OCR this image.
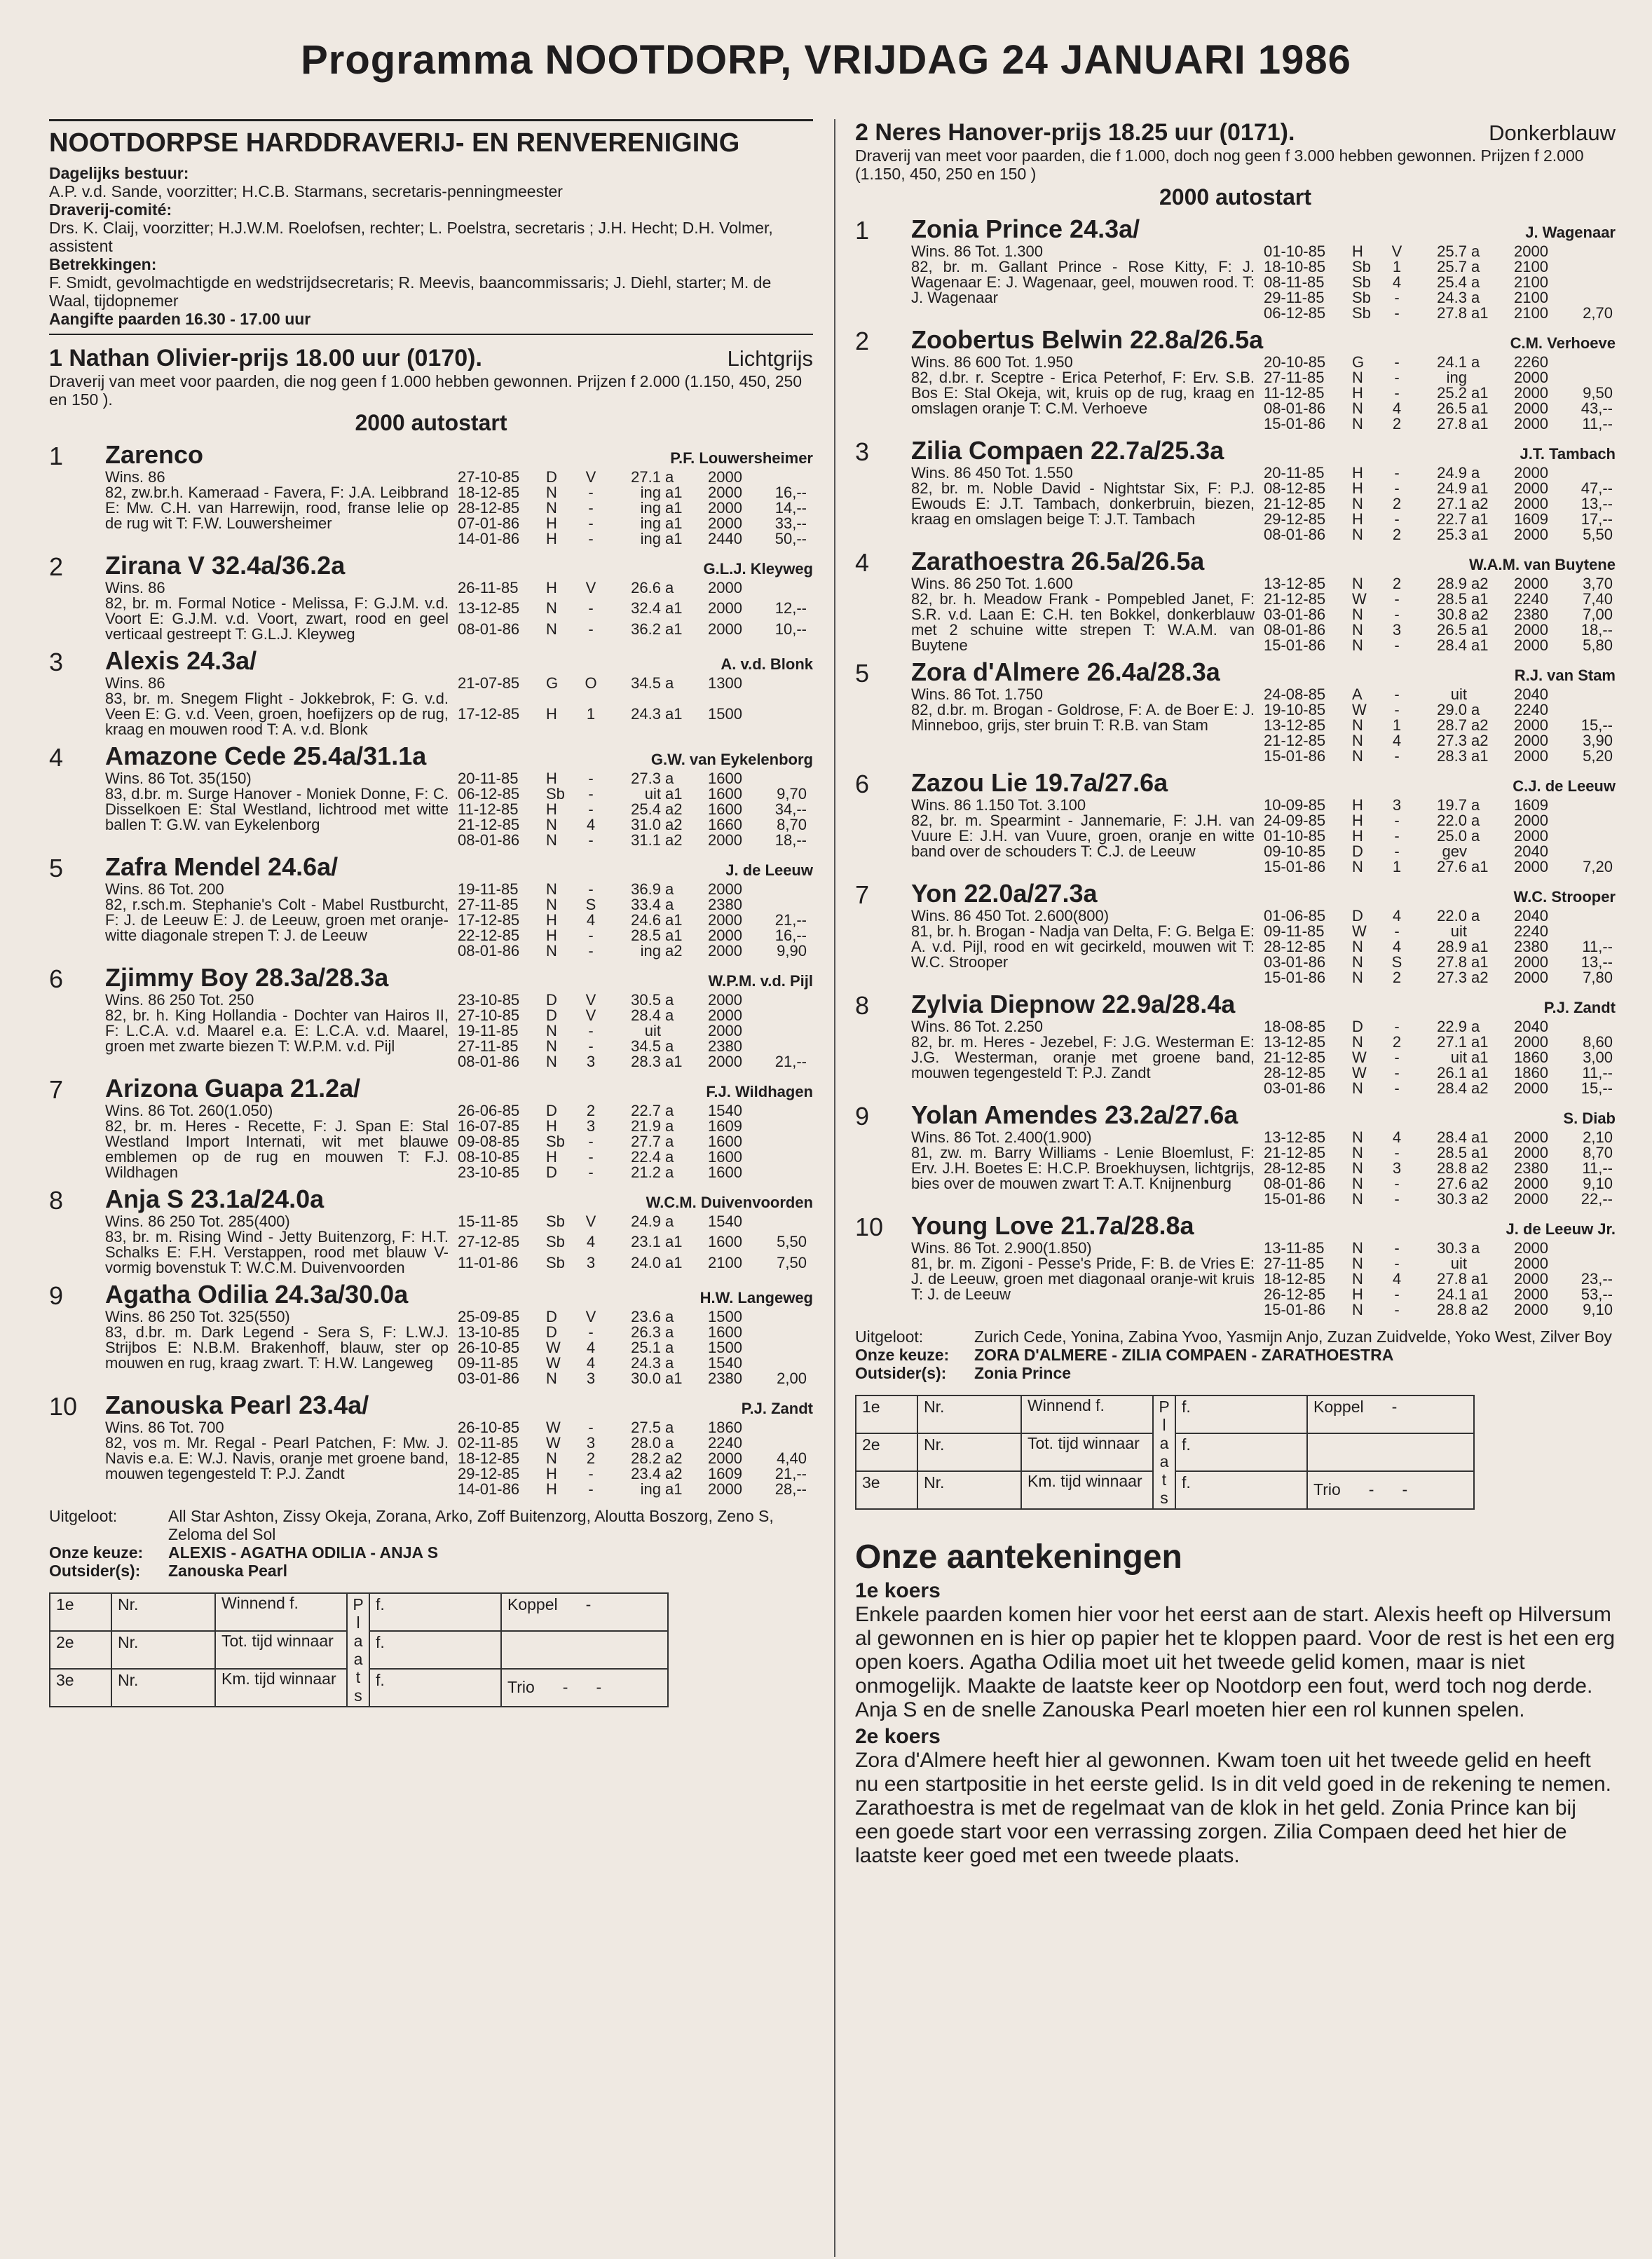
Programma NOOTDORP, VRIJDAG 24 JANUARI 1986
NOOTDORPSE HARDDRAVERIJ- EN RENVERENIGING
Dagelijks bestuur:
A.P. v.d. Sande, voorzitter; H.C.B. Starmans, secretaris-penningmeester
Draverij-comité:
Drs. K. Claij, voorzitter; H.J.W.M. Roelofsen, rechter; L. Poelstra, secretaris ; J.H. Hecht; D.H. Volmer, assistent
Betrekkingen:
F. Smidt, gevolmachtigde en wedstrijdsecretaris; R. Meevis, baancommissaris; J. Diehl, starter; M. de Waal, tijdopnemer
Aangifte paarden 16.30 - 17.00 uur
1 Nathan Olivier-prijs 18.00 uur (0170).	Lichtgrijs
Draverij van meet voor paarden, die nog geen f 1.000 hebben gewonnen. Prijzen f 2.000 (1.150, 450, 250 en 150 ).
2000 autostart
1	Zarenco	P.F. Louwersheimer
Wins. 86
82, zw.br.h. Kameraad - Favera, F: J.A. Leibbrand E: Mw. C.H. van Harrewijn, rood, franse lelie op de rug wit T: F.W. Louwersheimer
27-10-85	D	V	27.1	a	2000	
18-12-85	N	-	ing	a1	2000	16,--
28-12-85	N	-	ing	a1	2000	14,--
07-01-86	H	-	ing	a1	2000	33,--
14-01-86	H	-	ing	a1	2440	50,--
2	Zirana V 32.4a/36.2a	G.L.J. Kleyweg
Wins. 86
82, br. m. Formal Notice - Melissa, F: G.J.M. v.d. Voort E: G.J.M. v.d. Voort, zwart, rood en geel verticaal gestreept T: G.L.J. Kleyweg
26-11-85	H	V	26.6	a	2000	
13-12-85	N	-	32.4	a1	2000	12,--
08-01-86	N	-	36.2	a1	2000	10,--
3	Alexis 24.3a/	A. v.d. Blonk
Wins. 86
83, br. m. Snegem Flight - Jokkebrok, F: G. v.d. Veen E: G. v.d. Veen, groen, hoefijzers op de rug, kraag en mouwen rood T: A. v.d. Blonk
21-07-85	G	O	34.5	a	1300	
17-12-85	H	1	24.3	a1	1500	
4	Amazone Cede 25.4a/31.1a	G.W. van Eykelenborg
Wins. 86 Tot. 35(150)
83, d.br. m. Surge Hanover - Moniek Donne, F: C. Disselkoen E: Stal Westland, lichtrood met witte ballen T: G.W. van Eykelenborg
20-11-85	H	-	27.3	a	1600	
06-12-85	Sb	-	uit	a1	1600	9,70
11-12-85	H	-	25.4	a2	1600	34,--
21-12-85	N	4	31.0	a2	1660	8,70
08-01-86	N	-	31.1	a2	2000	18,--
5	Zafra Mendel 24.6a/	J. de Leeuw
Wins. 86 Tot. 200
82, r.sch.m. Stephanie's Colt - Mabel Rustburcht, F: J. de Leeuw E: J. de Leeuw, groen met oranje-witte diagonale strepen T: J. de Leeuw
19-11-85	N	-	36.9	a	2000	
27-11-85	N	S	33.4	a	2380	
17-12-85	H	4	24.6	a1	2000	21,--
22-12-85	H	-	28.5	a1	2000	16,--
08-01-86	N	-	ing	a2	2000	9,90
6	Zjimmy Boy 28.3a/28.3a	W.P.M. v.d. Pijl
Wins. 86 250 Tot. 250
82, br. h. King Hollandia - Dochter van Hairos II, F: L.C.A. v.d. Maarel e.a. E: L.C.A. v.d. Maarel, groen met zwarte biezen T: W.P.M. v.d. Pijl
23-10-85	D	V	30.5	a	2000	
27-10-85	D	V	28.4	a	2000	
19-11-85	N	-	uit		2000	
27-11-85	N	-	34.5	a	2380	
08-01-86	N	3	28.3	a1	2000	21,--
7	Arizona Guapa 21.2a/	F.J. Wildhagen
Wins. 86 Tot. 260(1.050)
82, br. m. Heres - Recette, F: J. Span E: Stal Westland Import Internati, wit met blauwe emblemen op de rug en mouwen T: F.J. Wildhagen
26-06-85	D	2	22.7	a	1540	
16-07-85	H	3	21.9	a	1609	
09-08-85	Sb	-	27.7	a	1600	
08-10-85	H	-	22.4	a	1600	
23-10-85	D	-	21.2	a	1600	
8	Anja S 23.1a/24.0a	W.C.M. Duivenvoorden
Wins. 86 250 Tot. 285(400)
83, br. m. Rising Wind - Jetty Buitenzorg, F: H.T. Schalks E: F.H. Verstappen, rood met blauw V-vormig bovenstuk T: W.C.M. Duivenvoorden
15-11-85	Sb	V	24.9	a	1540	
27-12-85	Sb	4	23.1	a1	1600	5,50
11-01-86	Sb	3	24.0	a1	2100	7,50
9	Agatha Odilia 24.3a/30.0a	H.W. Langeweg
Wins. 86 250 Tot. 325(550)
83, d.br. m. Dark Legend - Sera S, F: L.W.J. Strijbos E: N.B.M. Brakenhoff, blauw, ster op mouwen en rug, kraag zwart. T: H.W. Langeweg
25-09-85	D	V	23.6	a	1500	
13-10-85	D	-	26.3	a	1600	
26-10-85	W	4	25.1	a	1500	
09-11-85	W	4	24.3	a	1540	
03-01-86	N	3	30.0	a1	2380	2,00
10	Zanouska Pearl 23.4a/	P.J. Zandt
Wins. 86 Tot. 700
82, vos m. Mr. Regal - Pearl Patchen, F: Mw. J. Navis e.a. E: W.J. Navis, oranje met groene band, mouwen tegengesteld T: P.J. Zandt
26-10-85	W	-	27.5	a	1860	
02-11-85	W	3	28.0	a	2240	
18-12-85	N	2	28.2	a2	2000	4,40
29-12-85	H	-	23.4	a2	1609	21,--
14-01-86	H	-	ing	a1	2000	28,--
Uitgeloot:	All Star Ashton, Zissy Okeja, Zorana, Arko, Zoff Buitenzorg, Aloutta Boszorg, Zeno S, Zeloma del Sol
Onze keuze:	ALEXIS - AGATHA ODILIA - ANJA S
Outsider(s):	Zanouska Pearl
1e	Nr.	Winnend f.	P l a a t s	f.	Koppel -
2e	Nr.	Tot. tijd winnaar		f.	

3e	Nr.	Km. tijd winnaar		f.	Trio - -
2 Neres Hanover-prijs 18.25 uur (0171).	Donkerblauw
Draverij van meet voor paarden, die f 1.000, doch nog geen f 3.000 hebben gewonnen. Prijzen f 2.000 (1.150, 450, 250 en 150 )
2000 autostart
1	Zonia Prince 24.3a/	J. Wagenaar
Wins. 86 Tot. 1.300
82, br. m. Gallant Prince - Rose Kitty, F: J. Wagenaar E: J. Wagenaar, geel, mouwen rood. T: J. Wagenaar
01-10-85	H	V	25.7	a	2000	
18-10-85	Sb	1	25.7	a	2100	
08-11-85	Sb	4	25.4	a	2100	
29-11-85	Sb	-	24.3	a	2100	
06-12-85	Sb	-	27.8	a1	2100	2,70
2	Zoobertus Belwin 22.8a/26.5a	C.M. Verhoeve
Wins. 86 600 Tot. 1.950
82, d.br. r. Sceptre - Erica Peterhof, F: Erv. S.B. Bos E: Stal Okeja, wit, kruis op de rug, kraag en omslagen oranje T: C.M. Verhoeve
20-10-85	G	-	24.1	a	2260	
27-11-85	N	-	ing		2000	
11-12-85	H	-	25.2	a1	2000	9,50
08-01-86	N	4	26.5	a1	2000	43,--
15-01-86	N	2	27.8	a1	2000	11,--
3	Zilia Compaen 22.7a/25.3a	J.T. Tambach
Wins. 86 450 Tot. 1.550
82, br. m. Noble David - Nightstar Six, F: P.J. Ewouds E: J.T. Tambach, donkerbruin, biezen, kraag en omslagen beige T: J.T. Tambach
20-11-85	H	-	24.9	a	2000	
08-12-85	H	-	24.9	a1	2000	47,--
21-12-85	N	2	27.1	a2	2000	13,--
29-12-85	H	-	22.7	a1	1609	17,--
08-01-86	N	2	25.3	a1	2000	5,50
4	Zarathoestra 26.5a/26.5a	W.A.M. van Buytene
Wins. 86 250 Tot. 1.600
82, br. h. Meadow Frank - Pompebled Janet, F: S.R. v.d. Laan E: C.H. ten Bokkel, donkerblauw met 2 schuine witte strepen T: W.A.M. van Buytene
13-12-85	N	2	28.9	a2	2000	3,70
21-12-85	W	-	28.5	a1	2240	7,40
03-01-86	N	-	30.8	a2	2380	7,00
08-01-86	N	3	26.5	a1	2000	18,--
15-01-86	N	-	28.4	a1	2000	5,80
5	Zora d'Almere 26.4a/28.3a	R.J. van Stam
Wins. 86 Tot. 1.750
82, d.br. m. Brogan - Goldrose, F: A. de Boer E: J. Minneboo, grijs, ster bruin T: R.B. van Stam
24-08-85	A	-	uit		2040	
19-10-85	W	-	29.0	a	2240	
13-12-85	N	1	28.7	a2	2000	15,--
21-12-85	N	4	27.3	a2	2000	3,90
15-01-86	N	-	28.3	a1	2000	5,20
6	Zazou Lie 19.7a/27.6a	C.J. de Leeuw
Wins. 86 1.150 Tot. 3.100
82, br. m. Spearmint - Jannemarie, F: J.H. van Vuure E: J.H. van Vuure, groen, oranje en witte band over de schouders T: C.J. de Leeuw
10-09-85	H	3	19.7	a	1609	
24-09-85	H	-	22.0	a	2000	
01-10-85	H	-	25.0	a	2000	
09-10-85	D	-	gev		2040	
15-01-86	N	1	27.6	a1	2000	7,20
7	Yon 22.0a/27.3a	W.C. Strooper
Wins. 86 450 Tot. 2.600(800)
81, br. h. Brogan - Nadja van Delta, F: G. Belga E: A. v.d. Pijl, rood en wit gecirkeld, mouwen wit T: W.C. Strooper
01-06-85	D	4	22.0	a	2040	
09-11-85	W	-	uit		2240	
28-12-85	N	4	28.9	a1	2380	11,--
03-01-86	N	S	27.8	a1	2000	13,--
15-01-86	N	2	27.3	a2	2000	7,80
8	Zylvia Diepnow 22.9a/28.4a	P.J. Zandt
Wins. 86 Tot. 2.250
82, br. m. Heres - Jezebel, F: J.G. Westerman E: J.G. Westerman, oranje met groene band, mouwen tegengesteld T: P.J. Zandt
18-08-85	D	-	22.9	a	2040	
13-12-85	N	2	27.1	a1	2000	8,60
21-12-85	W	-	uit	a1	1860	3,00
28-12-85	W	-	26.1	a1	1860	11,--
03-01-86	N	-	28.4	a2	2000	15,--
9	Yolan Amendes 23.2a/27.6a	S. Diab
Wins. 86 Tot. 2.400(1.900)
81, zw. m. Barry Williams - Lenie Bloemlust, F: Erv. J.H. Boetes E: H.C.P. Broekhuysen, lichtgrijs, bies over de mouwen zwart T: A.T. Knijnenburg
13-12-85	N	4	28.4	a1	2000	2,10
21-12-85	N	-	28.5	a1	2000	8,70
28-12-85	N	3	28.8	a2	2380	11,--
08-01-86	N	-	27.6	a2	2000	9,10
15-01-86	N	-	30.3	a2	2000	22,--
10	Young Love 21.7a/28.8a	J. de Leeuw Jr.
Wins. 86 Tot. 2.900(1.850)
81, br. m. Zigoni - Pesse's Pride, F: B. de Vries E: J. de Leeuw, groen met diagonaal oranje-wit kruis T: J. de Leeuw
13-11-85	N	-	30.3	a	2000	
27-11-85	N	-	uit		2000	
18-12-85	N	4	27.8	a1	2000	23,--
26-12-85	H	-	24.1	a1	2000	53,--
15-01-86	N	-	28.8	a2	2000	9,10
Uitgeloot:	Zurich Cede, Yonina, Zabina Yvoo, Yasmijn Anjo, Zuzan Zuidvelde, Yoko West, Zilver Boy
Onze keuze:	ZORA D'ALMERE - ZILIA COMPAEN - ZARATHOESTRA
Outsider(s):	Zonia Prince
1e	Nr.	Winnend f.	P l a a t s	f.	Koppel -
2e	Nr.	Tot. tijd winnaar		f.	

3e	Nr.	Km. tijd winnaar		f.	Trio - -
Onze aantekeningen
1e koers
Enkele paarden komen hier voor het eerst aan de start. Alexis heeft op Hilversum al gewonnen en is hier op papier het te kloppen paard. Voor de rest is het een erg open koers. Agatha Odilia moet uit het tweede gelid komen, maar is niet onmogelijk. Maakte de laatste keer op Nootdorp een fout, werd toch nog derde. Anja S en de snelle Zanouska Pearl moeten hier een rol kunnen spelen.
2e koers
Zora d'Almere heeft hier al gewonnen. Kwam toen uit het tweede gelid en heeft nu een startpositie in het eerste gelid. Is in dit veld goed in de rekening te nemen. Zarathoestra is met de regelmaat van de klok in het geld. Zonia Prince kan bij een goede start voor een verrassing zorgen. Zilia Compaen deed het hier de laatste keer goed met een tweede plaats.
